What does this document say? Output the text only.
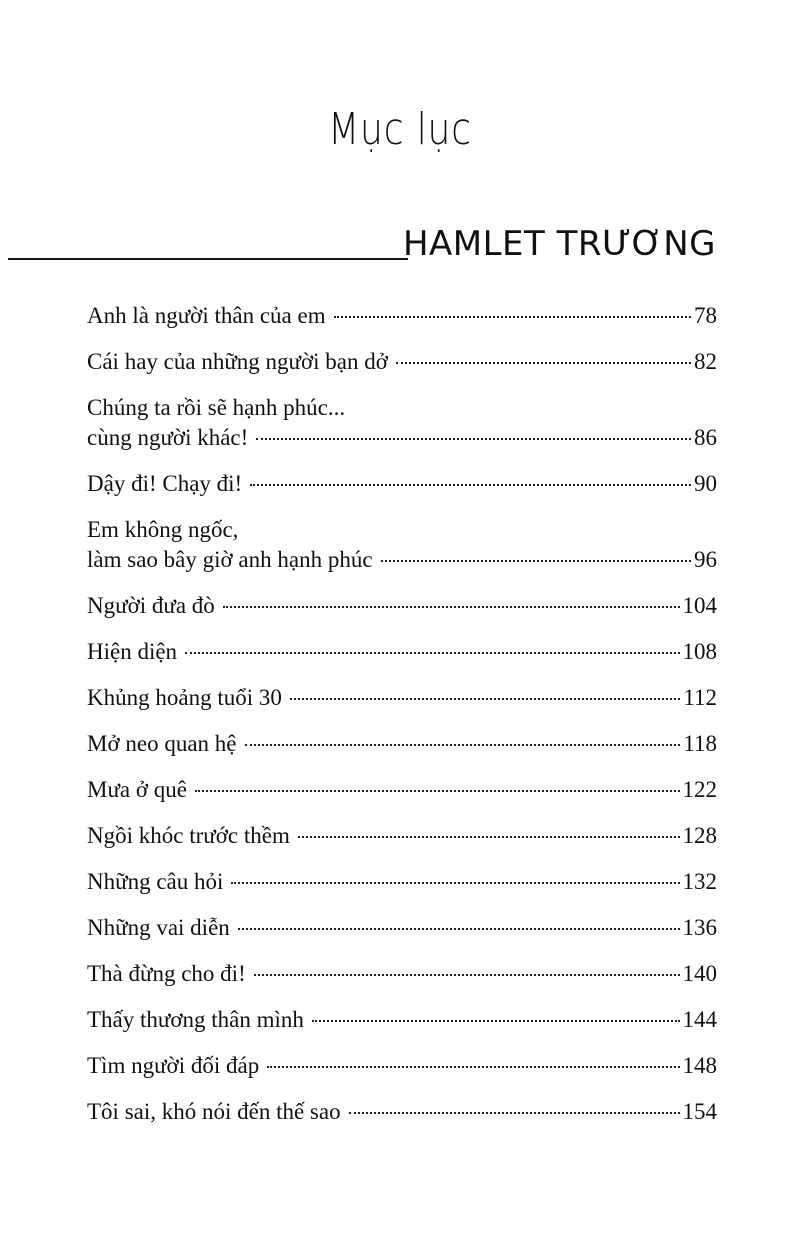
Mục lục
HAMLET TRƯƠNG
Anh là người thân của em	78
Cái hay của những người bạn dở	82
Chúng ta rồi sẽ hạnh phúc...
cùng người khác!	86
Dậy đi! Chạy đi!	90
Em không ngốc,
làm sao bây giờ anh hạnh phúc	96
Người đưa đò	104
Hiện diện	108
Khủng hoảng tuổi 30	112
Mở neo quan hệ	118
Mưa ở quê	122
Ngồi khóc trước thềm	128
Những câu hỏi	132
Những vai diễn	136
Thà đừng cho đi!	140
Thấy thương thân mình	144
Tìm người đối đáp	148
Tôi sai, khó nói đến thế sao	154
